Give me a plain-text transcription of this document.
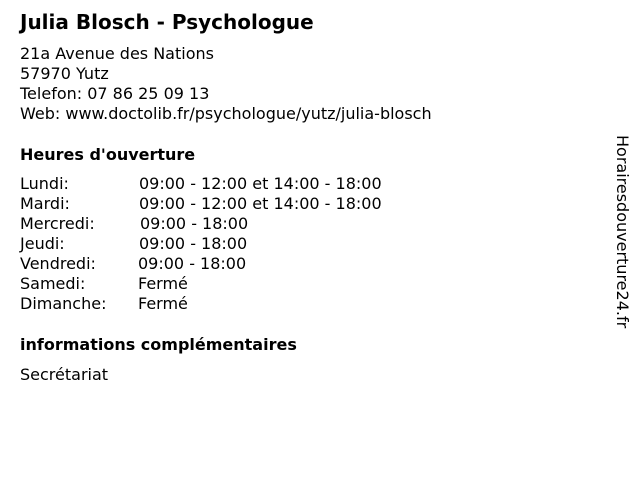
Julia Blosch - Psychologue
21a Avenue des Nations
57970 Yutz
Telefon: 07 86 25 09 13
Web: www.doctolib.fr/psychologue/yutz/julia-blosch
Heures d'ouverture
Lundi:	09:00 - 12:00 et 14:00 - 18:00
Mardi:	09:00 - 12:00 et 14:00 - 18:00
Mercredi:	09:00 - 18:00
Jeudi:	09:00 - 18:00
Vendredi:	09:00 - 18:00
Samedi:	Fermé
Dimanche: Fermé
informations complémentaires
Secrétariat
Horairesdouverture24.fr
